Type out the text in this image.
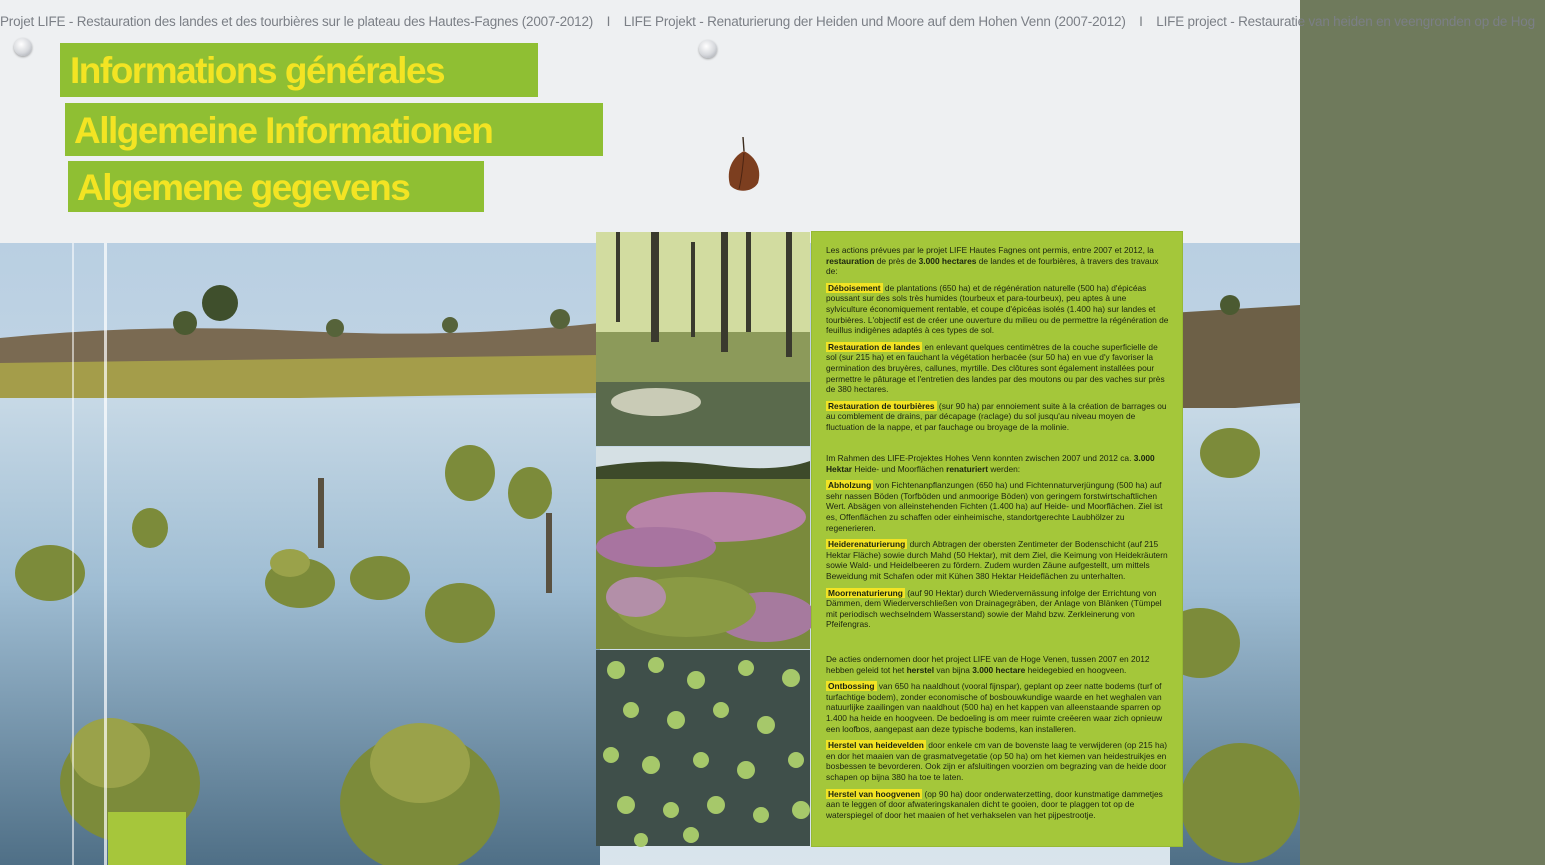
Projet LIFE - Restauration des landes et des tourbières sur le plateau des Hautes-Fagnes (2007-2012) I LIFE Projekt - Renaturierung der Heiden und Moore auf dem Hohen Venn (2007-2012) I LIFE project - Restauratie van heiden en veengronden op de Hog
Informations générales
Allgemeine Informationen
Algemene gegevens

Les actions prévues par le projet LIFE Hautes Fagnes ont permis, entre 2007 et 2012, la restauration de près de 3.000 hectares de landes et de fourbières, à travers des travaux de:

Déboisement de plantations (650 ha) et de régénération naturelle (500 ha) d'épicéas poussant sur des sols très humides (tourbeux et para-tourbeux), peu aptes à une sylviculture économiquement rentable, et coupe d'épicéas isolés (1.400 ha) sur landes et tourbières. L'objectif est de créer une ouverture du milieu ou de permettre la régénération de feuillus indigènes adaptés à ces types de sol.

Restauration de landes en enlevant quelques centimètres de la couche superficielle de sol (sur 215 ha) et en fauchant la végétation herbacée (sur 50 ha) en vue d'y favoriser la germination des bruyères, callunes, myrtille. Des clôtures sont également installées pour permettre le pâturage et l'entretien des landes par des moutons ou par des vaches sur près de 380 hectares.

Restauration de tourbières (sur 90 ha) par ennoiement suite à la création de barrages ou au comblement de drains, par décapage (raclage) du sol jusqu'au niveau moyen de fluctuation de la nappe, et par fauchage ou broyage de la molinie.

Im Rahmen des LIFE-Projektes Hohes Venn konnten zwischen 2007 und 2012 ca. 3.000 Hektar Heide- und Moorflächen renaturiert werden:

Abholzung von Fichtenanpflanzungen (650 ha) und Fichtennaturverjüngung (500 ha) auf sehr nassen Böden (Torfböden und anmoorige Böden) von geringem forstwirtschaftlichen Wert. Absägen von alleinstehenden Fichten (1.400 ha) auf Heide- und Moorflächen. Ziel ist es, Offenflächen zu schaffen oder einheimische, standortgerechte Laubhölzer zu regenerieren.

Heiderenaturierung durch Abtragen der obersten Zentimeter der Bodenschicht (auf 215 Hektar Fläche) sowie durch Mahd (50 Hektar), mit dem Ziel, die Keimung von Heidekräutern sowie Wald- und Heidelbeeren zu fördern. Zudem wurden Zäune aufgestellt, um mittels Beweidung mit Schafen oder mit Kühen 380 Hektar Heideflächen zu unterhalten.

Moorrenaturierung (auf 90 Hektar) durch Wiedervernässung infolge der Errichtung von Dämmen, dem Wiederverschließen von Drainagegräben, der Anlage von Blänken (Tümpel mit periodisch wechselndem Wasserstand) sowie der Mahd bzw. Zerkleinerung von Pfeifengras.

De acties ondernomen door het project LIFE van de Hoge Venen, tussen 2007 en 2012 hebben geleid tot het herstel van bijna 3.000 hectare heidegebied en hoogveen.

Ontbossing van 650 ha naaldhout (vooral fijnspar), geplant op zeer natte bodems (turf of turfachtige bodem), zonder economische of bosbouwkundige waarde en het weghalen van natuurlijke zaailingen van naaldhout (500 ha) en het kappen van alleenstaande sparren op 1.400 ha heide en hoogveen. De bedoeling is om meer ruimte creëeren waar zich opnieuw een loofbos, aangepast aan deze typische bodems, kan installeren.

Herstel van heidevelden door enkele cm van de bovenste laag te verwijderen (op 215 ha) en dor het maaien van de grasmatvegetatie (op 50 ha) om het kiemen van heidestruikjes en bosbessen te bevorderen. Ook zijn er afsluitingen voorzien om begrazing van de heide door schapen op bijna 380 ha toe te laten.

Herstel van hoogvenen (op 90 ha) door onderwaterzetting, door kunstmatige dammetjes aan te leggen of door afwateringskanalen dicht te gooien, door te plaggen tot op de waterspiegel of door het maaien of het verhakselen van het pijpestrootje.
